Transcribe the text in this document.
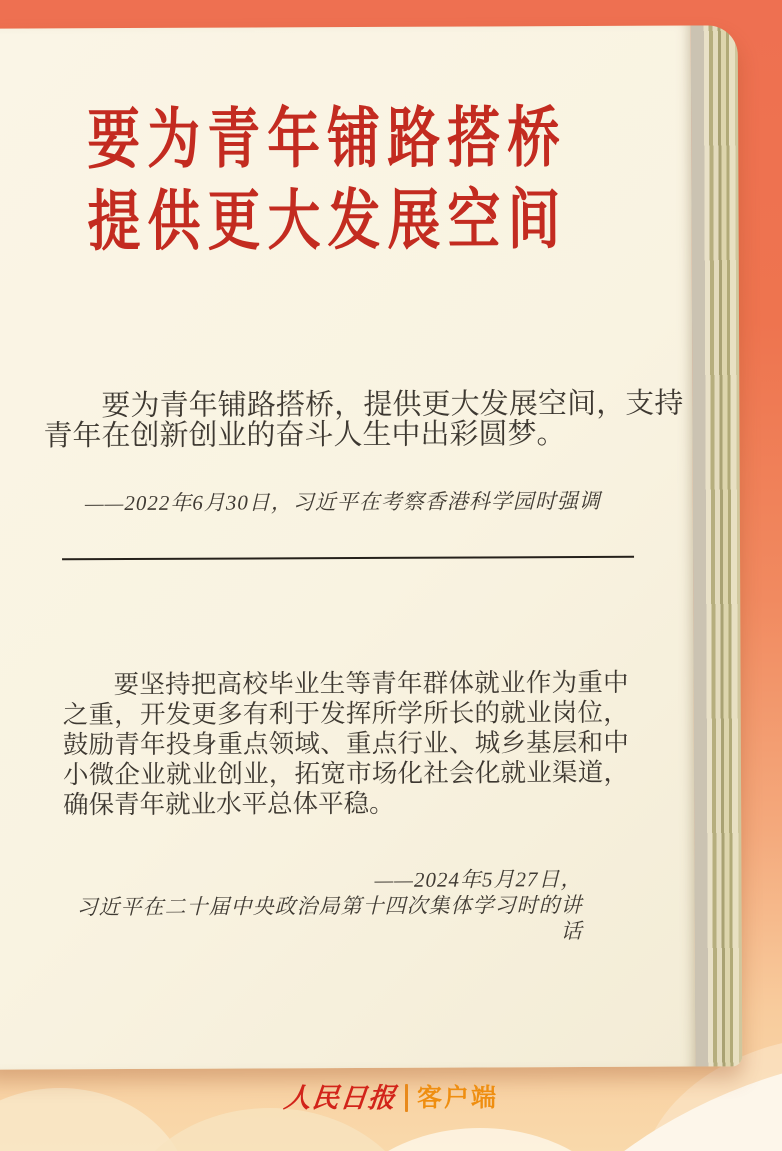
要为青年铺路搭桥
提供更大发展空间

要为青年铺路搭桥，提供更大发展空间，支持青年在创新创业的奋斗人生中出彩圆梦。

——2022年6月30日，习近平在考察香港科学园时强调

要坚持把高校毕业生等青年群体就业作为重中之重，开发更多有利于发挥所学所长的就业岗位，鼓励青年投身重点领域、重点行业、城乡基层和中小微企业就业创业，拓宽市场化社会化就业渠道，确保青年就业水平总体平稳。

——2024年5月27日，
习近平在二十届中央政治局第十四次集体学习时的讲话

人民日报 客户端
